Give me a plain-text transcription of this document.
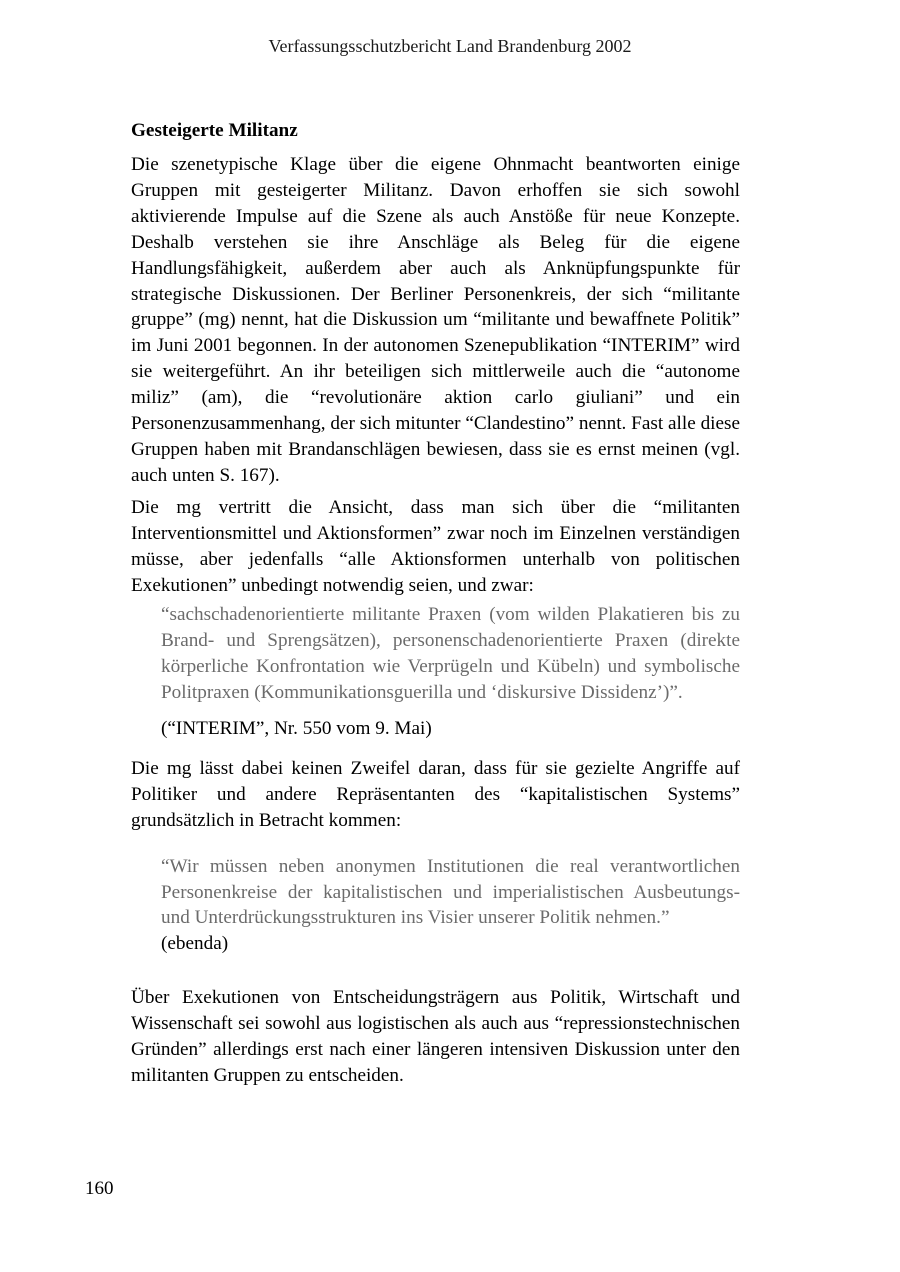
Verfassungsschutzbericht Land Brandenburg 2002
Gesteigerte Militanz

Die szenetypische Klage über die eigene Ohnmacht beantworten einige Gruppen mit gesteigerter Militanz. Davon erhoffen sie sich sowohl aktivierende Impulse auf die Szene als auch Anstöße für neue Konzepte. Deshalb verstehen sie ihre Anschläge als Beleg für die eigene Handlungsfähigkeit, außerdem aber auch als Anknüpfungspunkte für strategische Diskussionen. Der Berliner Personenkreis, der sich “militante gruppe” (mg) nennt, hat die Diskussion um “militante und bewaffnete Politik” im Juni 2001 begonnen. In der autonomen Szenepublikation “INTERIM” wird sie weitergeführt. An ihr beteiligen sich mittlerweile auch die “autonome miliz” (am), die “revolutionäre aktion carlo giuliani” und ein Personenzusammenhang, der sich mitunter “Clandestino” nennt. Fast alle diese Gruppen haben mit Brandanschlägen bewiesen, dass sie es ernst meinen (vgl. auch unten S. 167).

Die mg vertritt die Ansicht, dass man sich über die “militanten Interventionsmittel und Aktionsformen” zwar noch im Einzelnen verständigen müsse, aber jedenfalls “alle Aktionsformen unterhalb von politischen Exekutionen” unbedingt notwendig seien, und zwar:

“sachschadenorientierte militante Praxen (vom wilden Plakatieren bis zu Brand- und Sprengsätzen), personenschadenorientierte Praxen (direkte körperliche Konfrontation wie Verprügeln und Kübeln) und symbolische Politpraxen (Kommunikationsguerilla und ‘diskursive Dissidenz’)”.
(“INTERIM”, Nr. 550 vom 9. Mai)

Die mg lässt dabei keinen Zweifel daran, dass für sie gezielte Angriffe auf Politiker und andere Repräsentanten des “kapitalistischen Systems” grundsätzlich in Betracht kommen:

“Wir müssen neben anonymen Institutionen die real verantwortlichen Personenkreise der kapitalistischen und imperialistischen Ausbeutungs- und Unterdrückungsstrukturen ins Visier unserer Politik nehmen.”
(ebenda)

Über Exekutionen von Entscheidungsträgern aus Politik, Wirtschaft und Wissenschaft sei sowohl aus logistischen als auch aus “repressionstechnischen Gründen” allerdings erst nach einer längeren intensiven Diskussion unter den militanten Gruppen zu entscheiden.

160
